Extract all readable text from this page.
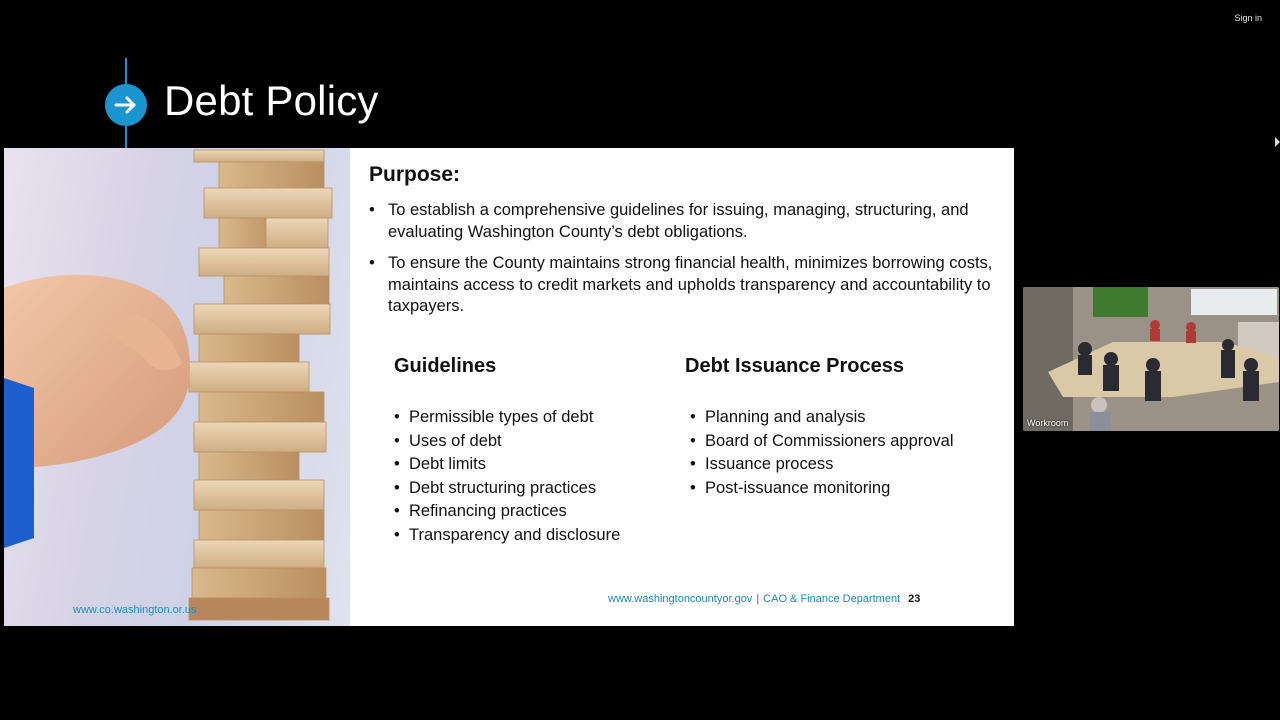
Sign in
Debt Policy
www.co.washington.or.us
Purpose:
• To establish a comprehensive guidelines for issuing, managing, structuring, and evaluating Washington County’s debt obligations.
• To ensure the County maintains strong financial health, minimizes borrowing costs, maintains access to credit markets and upholds transparency and accountability to taxpayers.
Guidelines
• Permissible types of debt
• Uses of debt
• Debt limits
• Debt structuring practices
• Refinancing practices
• Transparency and disclosure
Debt Issuance Process
• Planning and analysis
• Board of Commissioners approval
• Issuance process
• Post-issuance monitoring
www.washingtoncountyor.gov | CAO & Finance Department 23
Workroom
